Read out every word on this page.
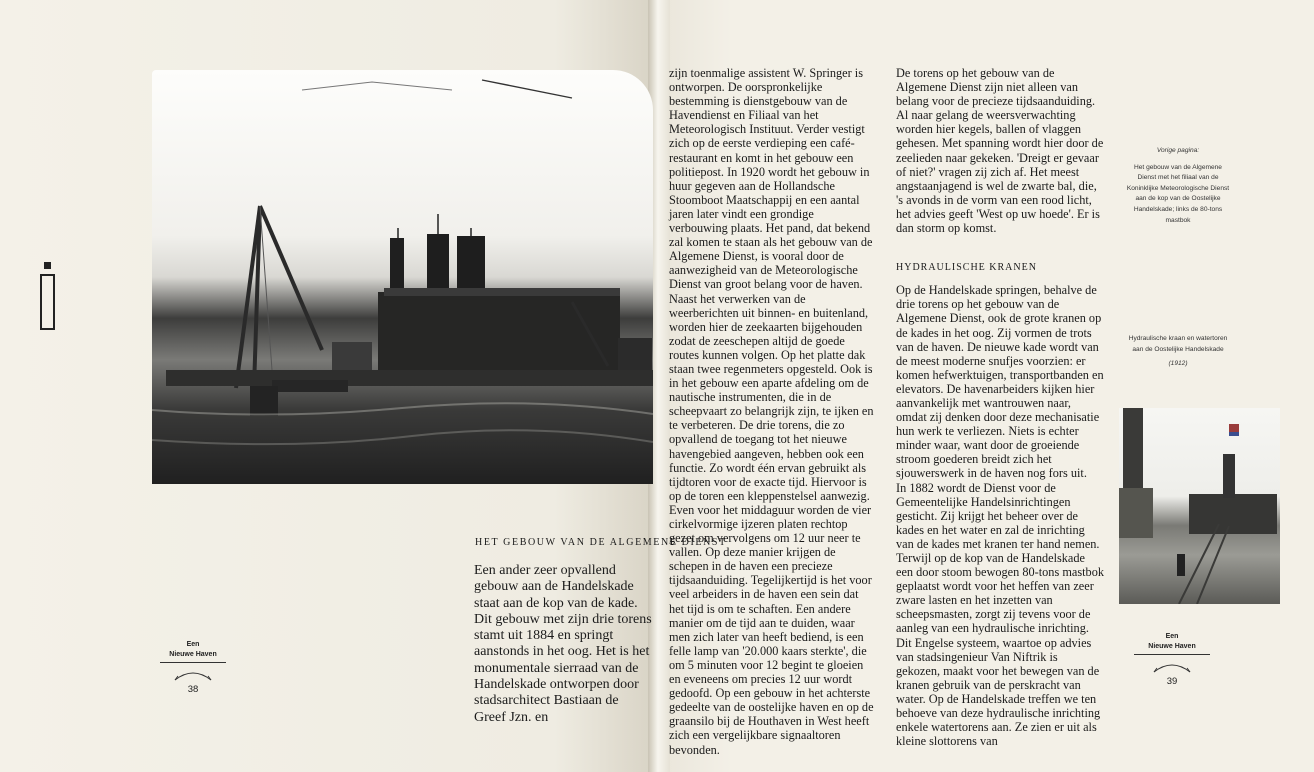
HET GEBOUW VAN DE ALGEMENE DIENST
Een ander zeer opvallend gebouw aan de Handelskade staat aan de kop van de kade. Dit gebouw met zijn drie torens stamt uit 1884 en springt aanstonds in het oog. Het is het monumentale sierraad van de Handelskade ontworpen door stadsarchitect Bastiaan de Greef Jzn. en
Een
Nieuwe Haven
38

zijn toenmalige assistent W. Springer is ontworpen. De oorspronkelijke bestemming is dienstgebouw van de Havendienst en Filiaal van het Meteorologisch Instituut. Verder vestigt zich op de eerste verdieping een café-restaurant en komt in het gebouw een politiepost. In 1920 wordt het gebouw in huur gegeven aan de Hollandsche Stoomboot Maatschappij en een aantal jaren later vindt een grondige verbouwing plaats. Het pand, dat bekend zal komen te staan als het gebouw van de Algemene Dienst, is vooral door de aanwezigheid van de Meteorologische Dienst van groot belang voor de haven. Naast het verwerken van de weerberichten uit binnen- en buitenland, worden hier de zeekaarten bijgehouden zodat de zeeschepen altijd de goede routes kunnen volgen. Op het platte dak staan twee regenmeters opgesteld. Ook is in het gebouw een aparte afdeling om de nautische instrumenten, die in de scheepvaart zo belangrijk zijn, te ijken en te verbeteren. De drie torens, die zo opvallend de toegang tot het nieuwe havengebied aangeven, hebben ook een functie. Zo wordt één ervan gebruikt als tijdtoren voor de exacte tijd. Hiervoor is op de toren een kleppenstelsel aanwezig. Even voor het middaguur worden de vier cirkelvormige ijzeren platen rechtop gezet om vervolgens om 12 uur neer te vallen. Op deze manier krijgen de schepen in de haven een precieze tijdsaanduiding. Tegelijkertijd is het voor veel arbeiders in de haven een sein dat het tijd is om te schaften. Een andere manier om de tijd aan te duiden, waar men zich later van heeft bediend, is een felle lamp van '20.000 kaars sterkte', die om 5 minuten voor 12 begint te gloeien en eveneens om precies 12 uur wordt gedoofd. Op een gebouw in het achterste gedeelte van de oostelijke haven en op de graansilo bij de Houthaven in West heeft zich een vergelijkbare signaaltoren bevonden.

De torens op het gebouw van de Algemene Dienst zijn niet alleen van belang voor de precieze tijdsaanduiding. Al naar gelang de weersverwachting worden hier kegels, ballen of vlaggen gehesen. Met spanning wordt hier door de zeelieden naar gekeken. 'Dreigt er gevaar of niet?' vragen zij zich af. Het meest angstaanjagend is wel de zwarte bal, die, 's avonds in de vorm van een rood licht, het advies geeft 'West op uw hoede'. Er is dan storm op komst.

HYDRAULISCHE KRANEN

Op de Handelskade springen, behalve de drie torens op het gebouw van de Algemene Dienst, ook de grote kranen op de kades in het oog. Zij vormen de trots van de haven. De nieuwe kade wordt van de meest moderne snufjes voorzien: er komen hefwerktuigen, transportbanden en elevators. De havenarbeiders kijken hier aanvankelijk met wantrouwen naar, omdat zij denken door deze mechanisatie hun werk te verliezen. Niets is echter minder waar, want door de groeiende stroom goederen breidt zich het sjouwerswerk in de haven nog fors uit.

In 1882 wordt de Dienst voor de Gemeentelijke Handelsinrichtingen gesticht. Zij krijgt het beheer over de kades en het water en zal de inrichting van de kades met kranen ter hand nemen. Terwijl op de kop van de Handelskade een door stoom bewogen 80-tons mastbok geplaatst wordt voor het heffen van zeer zware lasten en het inzetten van scheepsmasten, zorgt zij tevens voor de aanleg van een hydraulische inrichting. Dit Engelse systeem, waartoe op advies van stadsingenieur Van Niftrik is gekozen, maakt voor het bewegen van de kranen gebruik van de perskracht van water. Op de Handelskade treffen we ten behoeve van deze hydraulische inrichting enkele watertorens aan. Ze zien er uit als kleine slottorens van

Vorige pagina:
Het gebouw van de Algemene Dienst met het filiaal van de Koninklijke Meteorologische Dienst aan de kop van de Oostelijke Handelskade; links de 80-tons mastbok
Hydraulische kraan en watertoren aan de Oostelijke Handelskade
(1912)
Een
Nieuwe Haven
39
